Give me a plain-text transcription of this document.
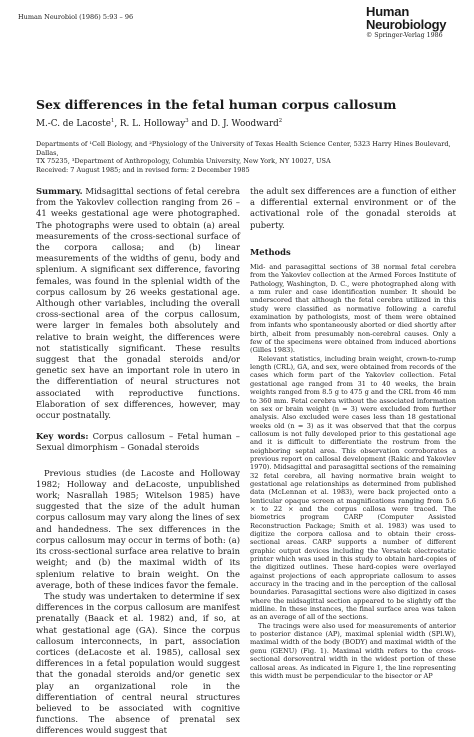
Human Neurobiol (1986) 5:93 – 96	Human
Neurobiology
© Springer-Verlag 1986
Sex differences in the fetal human corpus callosum
M.-C. de Lacoste$^1$, R. L. Holloway$^3$ and D. J. Woodward$^2$
Departments of ¹Cell Biology, and ²Physiology of the University of Texas Health Science Center, 5323 Harry Hines Boulevard, Dallas,
TX 75235, ³Department of Anthropology, Columbia University, New York, NY 10027, USA
Received: 7 August 1985; and in revised form: 2 December 1985

Summary. Midsagittal sections of fetal cerebra from the Yakovlev collection ranging from 26 – 41 weeks gestational age were photographed. The photographs were used to obtain (a) areal measurements of the cross-sectional surface of the corpora callosa; and (b) linear measurements of the widths of genu, body and splenium. A significant sex difference, favoring females, was found in the splenial width of the corpus callosum by 26 weeks gestational age. Although other variables, including the overall cross-sectional area of the corpus callosum, were larger in females both absolutely and relative to brain weight, the differences were not statistically significant. These results suggest that the gonadal steroids and/or genetic sex have an important role in utero in the differentiation of neural structures not associated with reproductive functions. Elaboration of sex differences, however, may occur postnatally.

Key words: Corpus callosum – Fetal human – Sexual dimorphism – Gonadal steroids

Previous studies (de Lacoste and Holloway 1982; Holloway and deLacoste, unpublished work; Nasrallah 1985; Witelson 1985) have suggested that the size of the adult human corpus callosum may vary along the lines of sex and handedness. The sex differences in the corpus callosum may occur in terms of both: (a) its cross-sectional surface area relative to brain weight; and (b) the maximal width of its splenium relative to brain weight. On the average, both of these indices favor the female.

The study was undertaken to determine if sex differences in the corpus callosum are manifest prenatally (Baack et al. 1982) and, if so, at what gestational age (GA). Since the corpus callosum interconnects, in part, association cortices (deLacoste et al. 1985), callosal sex differences in a fetal population would suggest that the gonadal steroids and/or genetic sex play an organizational role in the differentiation of central neural structures believed to be associated with cognitive functions. The absence of prenatal sex differences would suggest that

the adult sex differences are a function of either a differential external environment or of the activational role of the gonadal steroids at puberty.

Methods

Mid- and parasagittal sections of 38 normal fetal cerebra from the Yakovlev collection at the Armed Forces Institute of Pathology, Washington, D. C., were photographed along with a mm ruler and case identification number. It should be underscored that although the fetal cerebra utilized in this study were classified as normative following a careful examination by pathologists, most of them were obtained from infants who spontaneously aborted or died shortly after birth, albeit from presumably non-cerebral causes. Only a few of the specimens were obtained from induced abortions (Gilles 1983).

Relevant statistics, including brain weight, crown-to-rump length (CRL), GA, and sex, were obtained from records of the cases which form part of the Yakovlev collection. Fetal gestational age ranged from 31 to 40 weeks, the brain weights ranged from 8.5 g to 475 g and the CRL from 46 mm to 360 mm. Fetal cerebra without the associated information on sex or brain weight (n = 3) were excluded from further analysis. Also excluded were cases less than 18 gestational weeks old (n = 3) as it was observed that that the corpus callosum is not fully developed prior to this gestational age and it is difficult to differentiate the rostrum from the neighboring septal area. This observation corroborates a previous report on callosal development (Rakic and Yakovlev 1970). Midsagittal and parasagittal sections of the remaining 32 fetal cerebra, all having normative brain weight to gestational age relationships as determined from published data (McLennan et al. 1983), were back projected onto a lenticular opaque screen at magnifications ranging from 5.6 × to 22 × and the corpus callosa were traced. The biometrics program CARP (Computer Assisted Reconstruction Package; Smith et al. 1983) was used to digitize the corpora callosa and to obtain their cross-sectional areas. CARP supports a number of different graphic output devices including the Versatek electrostatic printer which was used in this study to obtain hard-copies of the digitized outlines. These hard-copies were overlayed against projections of each appropriate callosum to asses accuracy in the tracing and in the perception of the callosal boundaries. Parasagittal sections were also digitized in cases where the midsagittal section appeared to be slightly off the midline. In these instances, the final surface area was taken as an average of all of the sections.

The tracings were also used for measurements of anterior to posterior distance (AP), maximal splenial width (SPl.W), maximal width of the body (BODY) and maximal width of the genu (GENU) (Fig. 1). Maximal width refers to the cross-sectional dorsoventral width in the widest portion of these callosal areas. As indicated in Figure 1, the line representing this width must be perpendicular to the bisector or AP
